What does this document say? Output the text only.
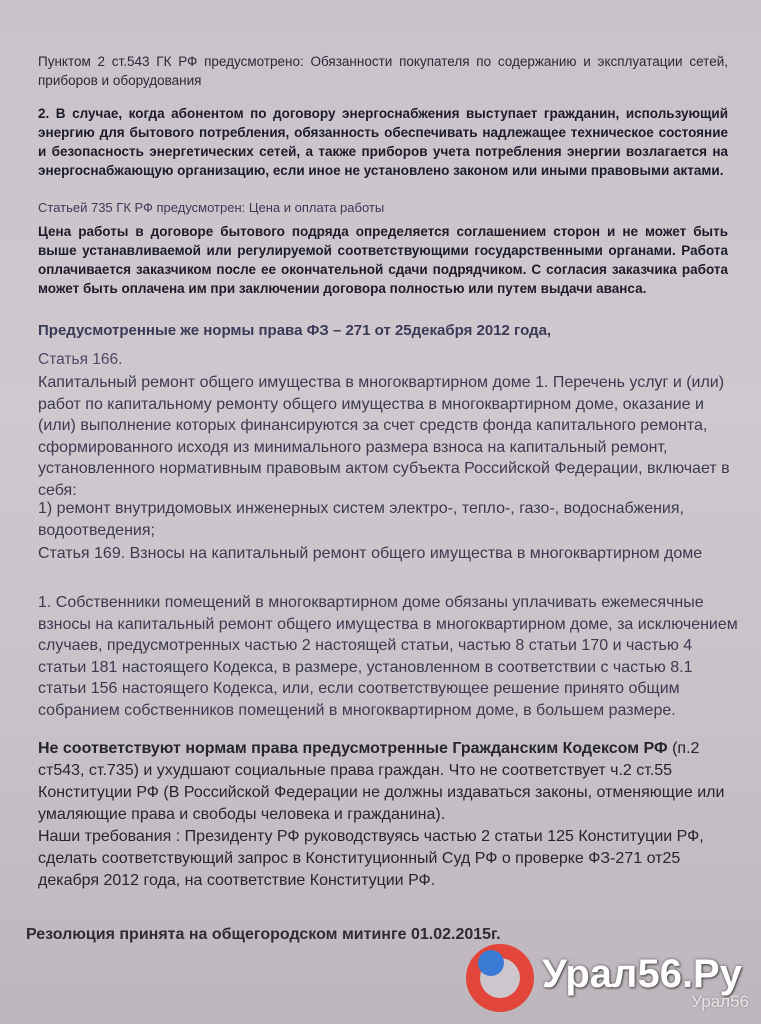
Пунктом 2 ст.543 ГК РФ предусмотрено: Обязанности покупателя по содержанию и эксплуатации сетей, приборов и оборудования

2. В случае, когда абонентом по договору энергоснабжения выступает гражданин, использующий энергию для бытового потребления, обязанность обеспечивать надлежащее техническое состояние и безопасность энергетических сетей, а также приборов учета потребления энергии возлагается на энергоснабжающую организацию, если иное не установлено законом или иными правовыми актами.

Статьей 735 ГК РФ предусмотрен: Цена и оплата работы

Цена работы в договоре бытового подряда определяется соглашением сторон и не может быть выше устанавливаемой или регулируемой соответствующими государственными органами. Работа оплачивается заказчиком после ее окончательной сдачи подрядчиком. С согласия заказчика работа может быть оплачена им при заключении договора полностью или путем выдачи аванса.

Предусмотренные же нормы права ФЗ – 271 от 25декабря 2012 года,

Статья 166.

Капитальный ремонт общего имущества в многоквартирном доме 1. Перечень услуг и (или) работ по капитальному ремонту общего имущества в многоквартирном доме, оказание и (или) выполнение которых финансируются за счет средств фонда капитального ремонта, сформированного исходя из минимального размера взноса на капитальный ремонт, установленного нормативным правовым актом субъекта Российской Федерации, включает в себя:

1) ремонт внутридомовых инженерных систем электро-, тепло-, газо-, водоснабжения, водоотведения;
Статья 169. Взносы на капитальный ремонт общего имущества в многоквартирном доме

1. Собственники помещений в многоквартирном доме обязаны уплачивать ежемесячные взносы на капитальный ремонт общего имущества в многоквартирном доме, за исключением случаев, предусмотренных частью 2 настоящей статьи, частью 8 статьи 170 и частью 4 статьи 181 настоящего Кодекса, в размере, установленном в соответствии с частью 8.1 статьи 156 настоящего Кодекса, или, если соответствующее решение принято общим собранием собственников помещений в многоквартирном доме, в большем размере.

Не соответствуют нормам права предусмотренные Гражданским Кодексом РФ (п.2 ст543, ст.735) и ухудшают социальные права граждан. Что не соответствует ч.2 ст.55 Конституции РФ (В Российской Федерации не должны издаваться законы, отменяющие или умаляющие права и свободы человека и гражданина).
Наши требования : Президенту РФ руководствуясь частью 2 статьи 125 Конституции РФ, сделать соответствующий запрос в Конституционный Суд РФ о проверке ФЗ-271 от25 декабря 2012 года, на соответствие Конституции РФ.

Резолюция принята на общегородском митинге 01.02.2015г.

Урал56.Ру
Урал56
